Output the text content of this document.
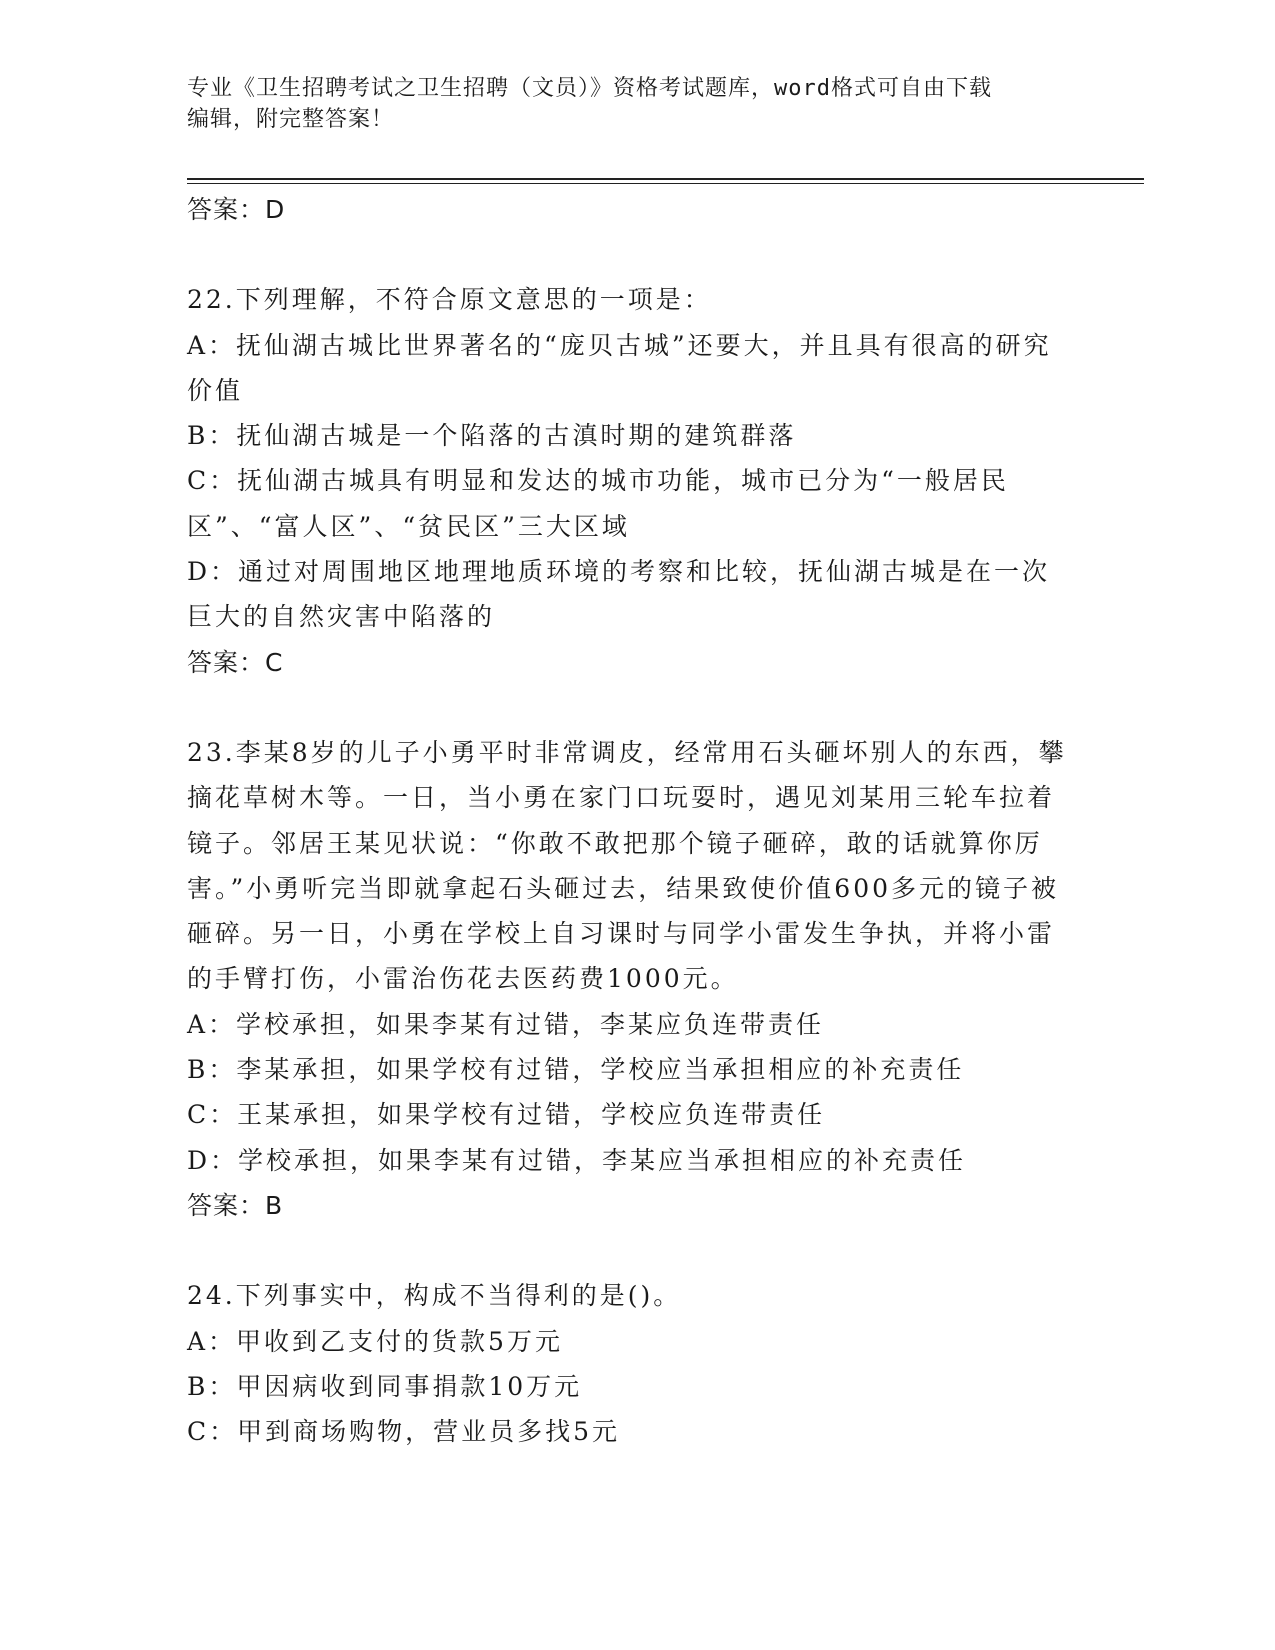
专业《卫生招聘考试之卫生招聘（文员）》资格考试题库，word格式可自由下载

编辑，附完整答案！

答案：D

22.下列理解，不符合原文意思的一项是：

A：抚仙湖古城比世界著名的“庞贝古城”还要大，并且具有很高的研究价值

B：抚仙湖古城是一个陷落的古滇时期的建筑群落

C：抚仙湖古城具有明显和发达的城市功能，城市已分为“一般居民区”、“富人区”、“贫民区”三大区域

D：通过对周围地区地理地质环境的考察和比较，抚仙湖古城是在一次巨大的自然灾害中陷落的

答案：C

23.李某8岁的儿子小勇平时非常调皮，经常用石头砸坏别人的东西，攀摘花草树木等。一日，当小勇在家门口玩耍时，遇见刘某用三轮车拉着镜子。邻居王某见状说：“你敢不敢把那个镜子砸碎，敢的话就算你厉害。”小勇听完当即就拿起石头砸过去，结果致使价值600多元的镜子被砸碎。另一日，小勇在学校上自习课时与同学小雷发生争执，并将小雷的手臂打伤，小雷治伤花去医药费1000元。

A：学校承担，如果李某有过错，李某应负连带责任

B：李某承担，如果学校有过错，学校应当承担相应的补充责任

C：王某承担，如果学校有过错，学校应负连带责任

D：学校承担，如果李某有过错，李某应当承担相应的补充责任

答案：B

24.下列事实中，构成不当得利的是()。

A：甲收到乙支付的货款5万元

B：甲因病收到同事捐款10万元

C：甲到商场购物，营业员多找5元
